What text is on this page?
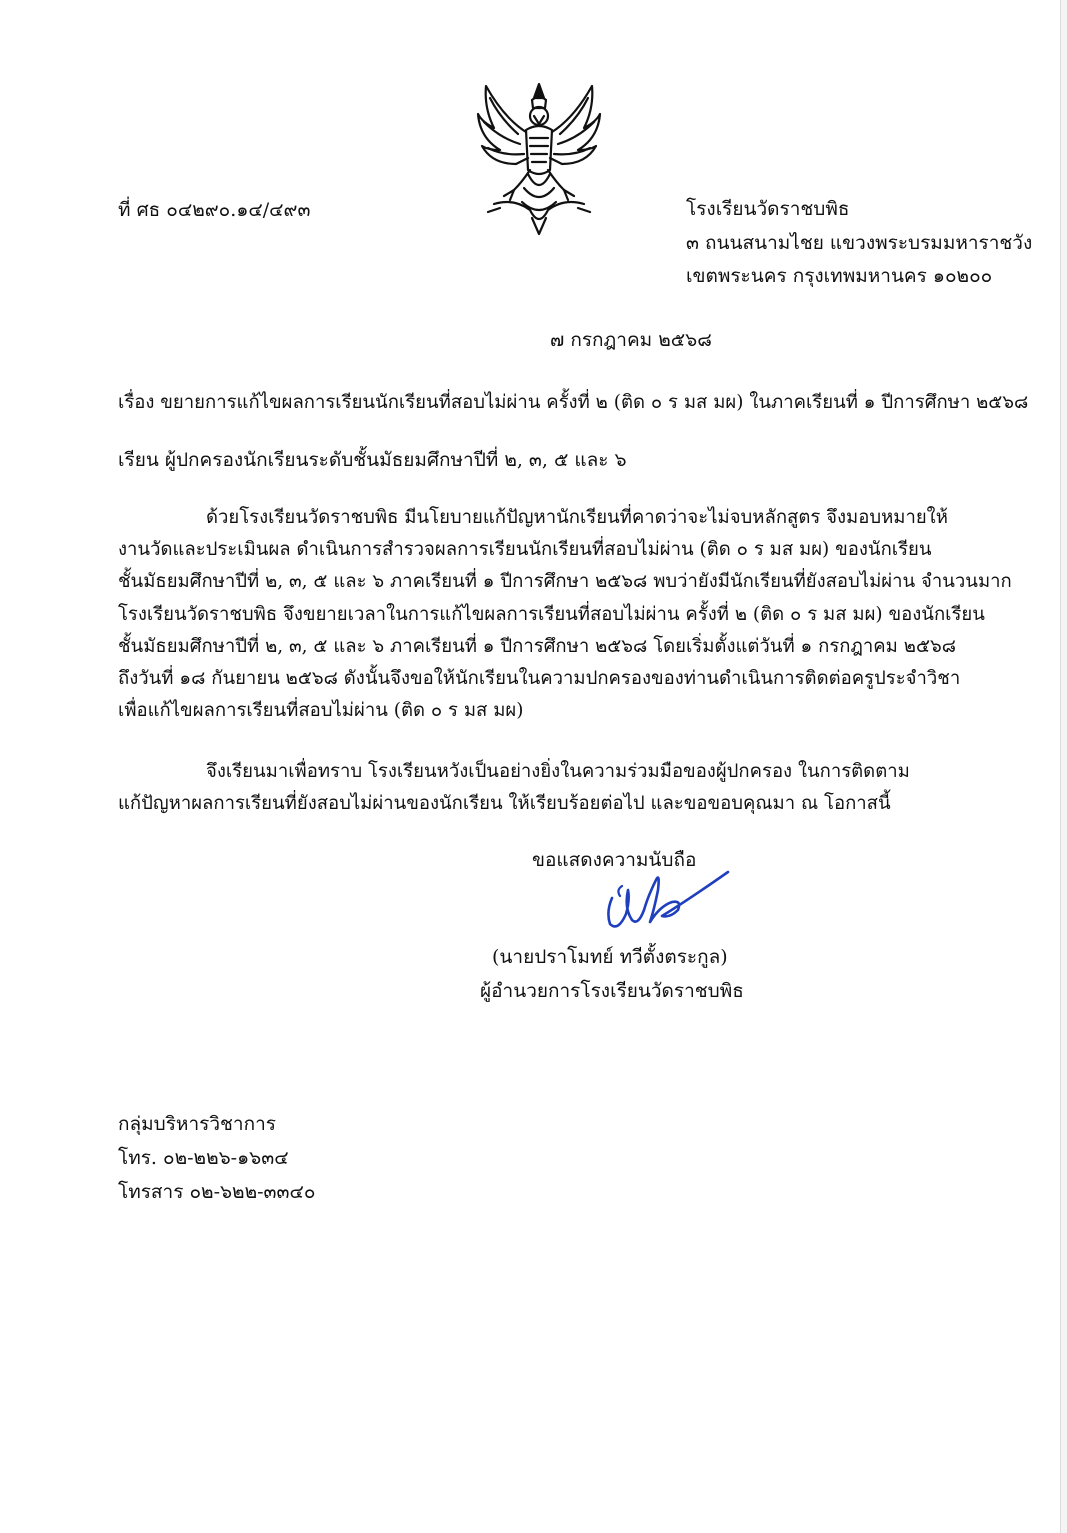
ที่ ศธ ๐๔๒๙๐.๑๔/๔๙๓	โรงเรียนวัดราชบพิธ
๓ ถนนสนามไชย แขวงพระบรมมหาราชวัง
เขตพระนคร กรุงเทพมหานคร ๑๐๒๐๐
๗ กรกฎาคม ๒๕๖๘
เรื่อง ขยายการแก้ไขผลการเรียนนักเรียนที่สอบไม่ผ่าน ครั้งที่ ๒ (ติด ๐ ร มส มผ) ในภาคเรียนที่ ๑ ปีการศึกษา ๒๕๖๘
เรียน ผู้ปกครองนักเรียนระดับชั้นมัธยมศึกษาปีที่ ๒, ๓, ๕ และ ๖
ด้วยโรงเรียนวัดราชบพิธ มีนโยบายแก้ปัญหานักเรียนที่คาดว่าจะไม่จบหลักสูตร จึงมอบหมายให้
งานวัดและประเมินผล ดำเนินการสำรวจผลการเรียนนักเรียนที่สอบไม่ผ่าน (ติด ๐ ร มส มผ) ของนักเรียน
ชั้นมัธยมศึกษาปีที่ ๒, ๓, ๕ และ ๖ ภาคเรียนที่ ๑ ปีการศึกษา ๒๕๖๘ พบว่ายังมีนักเรียนที่ยังสอบไม่ผ่าน จำนวนมาก
โรงเรียนวัดราชบพิธ จึงขยายเวลาในการแก้ไขผลการเรียนที่สอบไม่ผ่าน ครั้งที่ ๒ (ติด ๐ ร มส มผ) ของนักเรียน
ชั้นมัธยมศึกษาปีที่ ๒, ๓, ๕ และ ๖ ภาคเรียนที่ ๑ ปีการศึกษา ๒๕๖๘ โดยเริ่มตั้งแต่วันที่ ๑ กรกฎาคม ๒๕๖๘
ถึงวันที่ ๑๘ กันยายน ๒๕๖๘ ดังนั้นจึงขอให้นักเรียนในความปกครองของท่านดำเนินการติดต่อครูประจำวิชา
เพื่อแก้ไขผลการเรียนที่สอบไม่ผ่าน (ติด ๐ ร มส มผ)
จึงเรียนมาเพื่อทราบ โรงเรียนหวังเป็นอย่างยิ่งในความร่วมมือของผู้ปกครอง ในการติดตาม
แก้ปัญหาผลการเรียนที่ยังสอบไม่ผ่านของนักเรียน ให้เรียบร้อยต่อไป และขอขอบคุณมา ณ โอกาสนี้
ขอแสดงความนับถือ
(นายปราโมทย์ ทวีตั้งตระกูล)
ผู้อำนวยการโรงเรียนวัดราชบพิธ
กลุ่มบริหารวิชาการ
โทร. ๐๒-๒๒๖-๑๖๓๔
โทรสาร ๐๒-๖๒๒-๓๓๔๐
